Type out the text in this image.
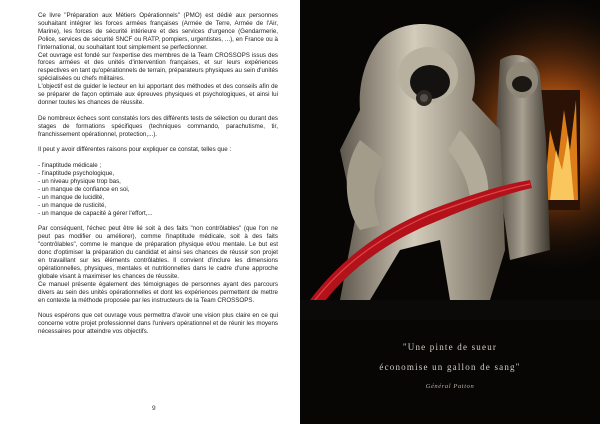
Ce livre "Préparation aux Métiers Opérationnels" (PMO) est dédié aux personnes souhaitant intégrer les forces armées françaises (Armée de Terre, Armée de l'Air, Marine), les forces de sécurité intérieure et des services d'urgence (Gendarmerie, Police, services de sécurité SNCF ou RATP, pompiers, urgentistes, ...), en France ou à l'international, ou souhaitant tout simplement se perfectionner.

Cet ouvrage est fondé sur l'expertise des membres de la Team CROSSOPS issus des forces armées et des unités d'intervention françaises, et sur leurs expériences respectives en tant qu'opérationnels de terrain, préparateurs physiques au sein d'unités spécialisées ou chefs militaires.

L'objectif est de guider le lecteur en lui apportant des méthodes et des conseils afin de se préparer de façon optimale aux épreuves physiques et psychologiques, et ainsi lui donner toutes les chances de réussite.

De nombreux échecs sont constatés lors des différents tests de sélection ou durant des stages de formations spécifiques (techniques commando, parachutisme, tir, franchissement opérationnel, protection,...).

Il peut y avoir différentes raisons pour expliquer ce constat, telles que :

- l'inaptitude médicale ;
- l'inaptitude psychologique,
- un niveau physique trop bas,
- un manque de confiance en soi,
- un manque de lucidité,
- un manque de rusticité,
- un manque de capacité à gérer l'effort,...

Par conséquent, l'échec peut être lié soit à des faits "non contrôlables" (que l'on ne peut pas modifier ou améliorer), comme l'inaptitude médicale, soit à des faits "contrôlables", comme le manque de préparation physique et/ou mentale. Le but est donc d'optimiser la préparation du candidat et ainsi ses chances de réussir son projet en travaillant sur les éléments contrôlables. Il convient d'inclure les dimensions opérationnelles, physiques, mentales et nutritionnelles dans le cadre d'une approche globale visant à maximiser les chances de réussite.

Ce manuel présente également des témoignages de personnes ayant des parcours divers au sein des unités opérationnelles et dont les expériences permettent de mettre en contexte la méthode proposée par les instructeurs de la Team CROSSOPS.

Nous espérons que cet ouvrage vous permettra d'avoir une vision plus claire en ce qui concerne votre projet professionnel dans l'univers opérationnel et de réunir les moyens nécessaires pour atteindre vos objectifs.

9
"Une pinte de sueur
économise un gallon de sang"
Général Patton
